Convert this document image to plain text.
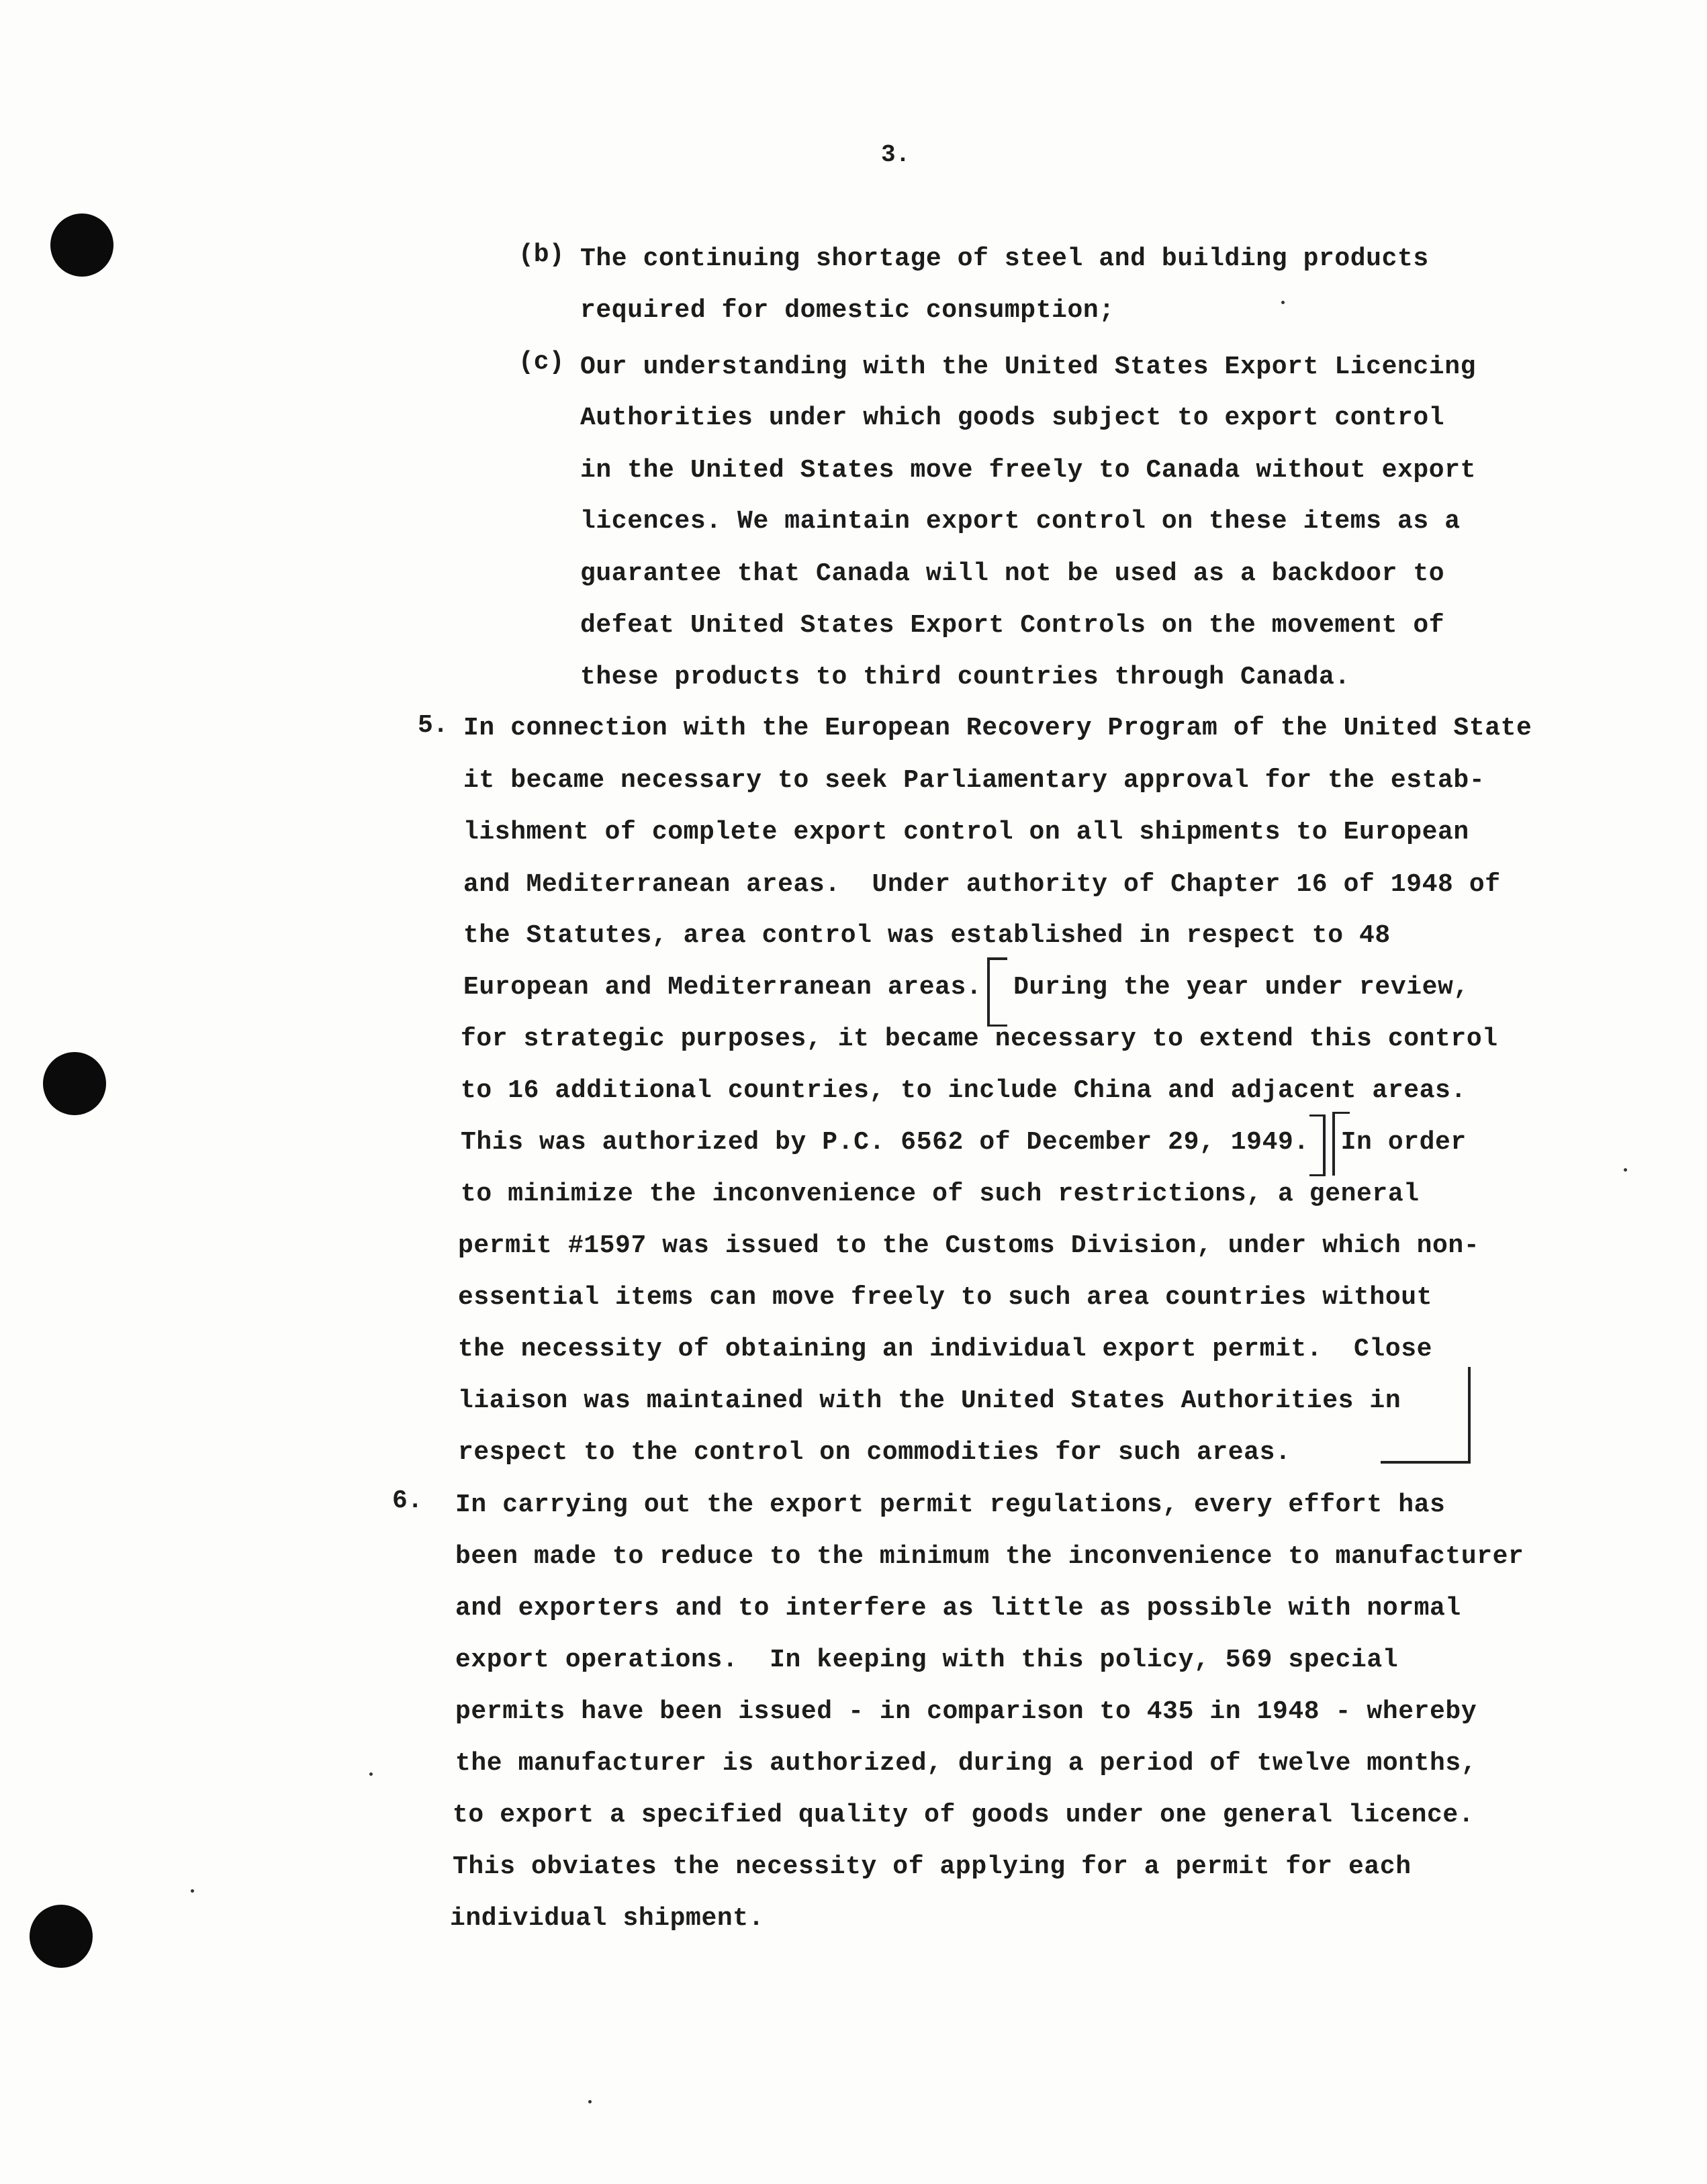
3.
(b) The continuing shortage of steel and building products
required for domestic consumption;
(c) Our understanding with the United States Export Licencing
Authorities under which goods subject to export control
in the United States move freely to Canada without export
licences. We maintain export control on these items as a
guarantee that Canada will not be used as a backdoor to
defeat United States Export Controls on the movement of
these products to third countries through Canada.
5. In connection with the European Recovery Program of the United State
it became necessary to seek Parliamentary approval for the estab-
lishment of complete export control on all shipments to European
and Mediterranean areas.  Under authority of Chapter 16 of 1948 of
the Statutes, area control was established in respect to 48
European and Mediterranean areas.  During the year under review,
for strategic purposes, it became necessary to extend this control
to 16 additional countries, to include China and adjacent areas.
This was authorized by P.C. 6562 of December 29, 1949.  In order
to minimize the inconvenience of such restrictions, a general
permit #1597 was issued to the Customs Division, under which non-
essential items can move freely to such area countries without
the necessity of obtaining an individual export permit.  Close
liaison was maintained with the United States Authorities in
respect to the control on commodities for such areas.
6. In carrying out the export permit regulations, every effort has
been made to reduce to the minimum the inconvenience to manufacturer
and exporters and to interfere as little as possible with normal
export operations.  In keeping with this policy, 569 special
permits have been issued - in comparison to 435 in 1948 - whereby
the manufacturer is authorized, during a period of twelve months,
to export a specified quality of goods under one general licence.
This obviates the necessity of applying for a permit for each
individual shipment.
